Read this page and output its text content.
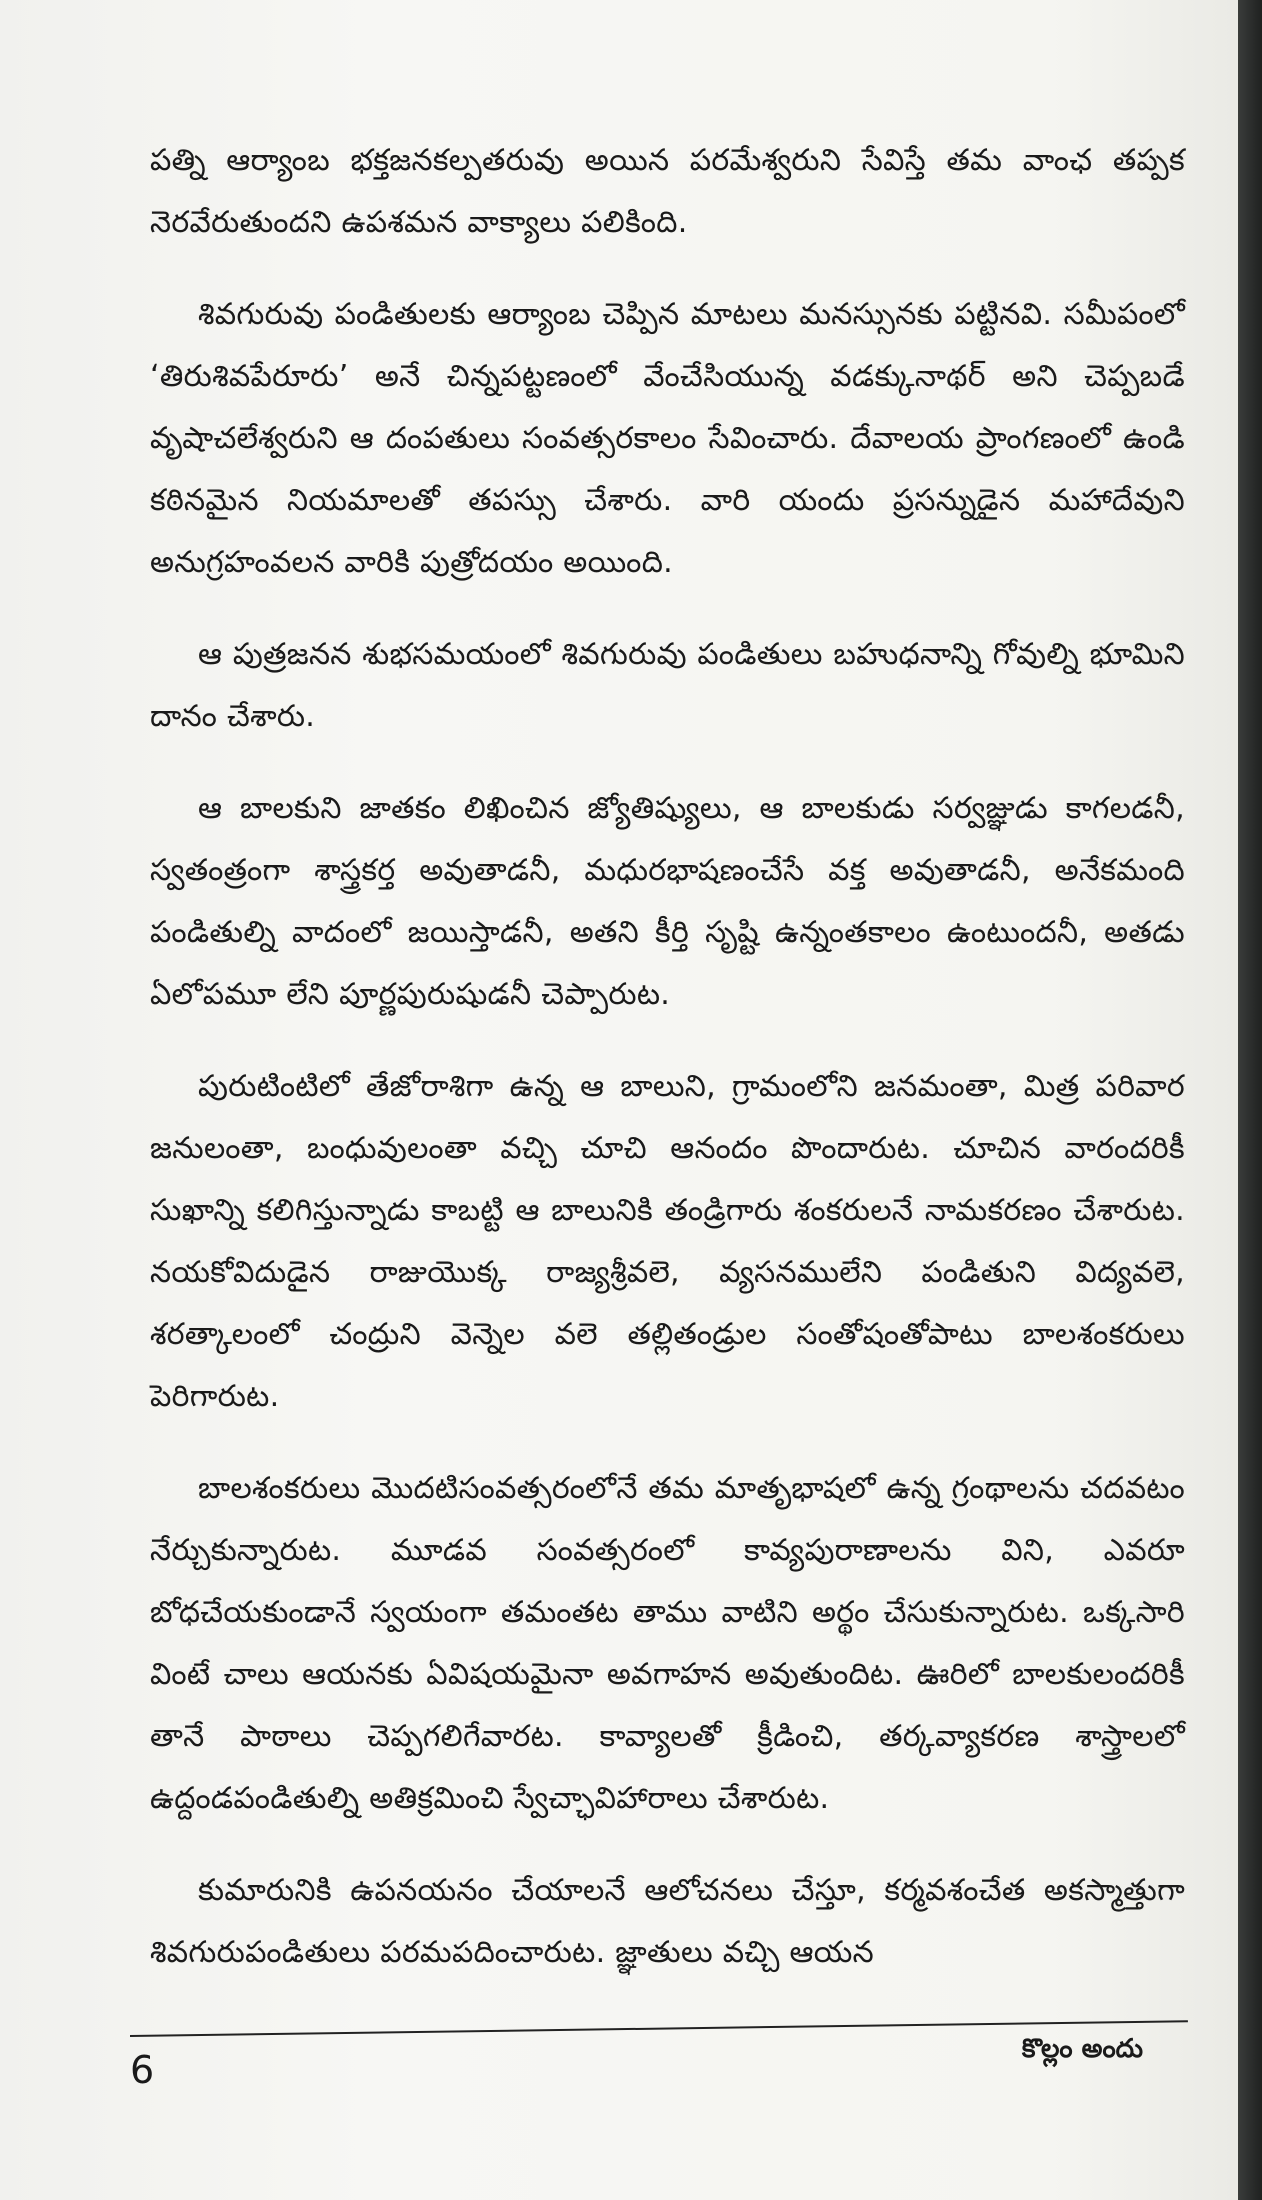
పత్ని ఆర్యాంబ భక్తజనకల్పతరువు అయిన పరమేశ్వరుని సేవిస్తే తమ వాంఛ తప్పక నెరవేరుతుందని ఉపశమన వాక్యాలు పలికింది.

శివగురువు పండితులకు ఆర్యాంబ చెప్పిన మాటలు మనస్సునకు పట్టినవి. సమీపంలో ‘తిరుశివపేరూరు’ అనే చిన్నపట్టణంలో వేంచేసియున్న వడక్కునాథర్ అని చెప్పబడే వృషాచలేశ్వరుని ఆ దంపతులు సంవత్సరకాలం సేవించారు. దేవాలయ ప్రాంగణంలో ఉండి కఠినమైన నియమాలతో తపస్సు చేశారు. వారి యందు ప్రసన్నుడైన మహాదేవుని అనుగ్రహంవలన వారికి పుత్రోదయం అయింది.

ఆ పుత్రజనన శుభసమయంలో శివగురువు పండితులు బహుధనాన్ని గోవుల్ని భూమిని దానం చేశారు.

ఆ బాలకుని జాతకం లిఖించిన జ్యోతిష్యులు, ఆ బాలకుడు సర్వజ్ఞుడు కాగలడనీ, స్వతంత్రంగా శాస్త్రకర్త అవుతాడనీ, మధురభాషణంచేసే వక్త అవుతాడనీ, అనేకమంది పండితుల్ని వాదంలో జయిస్తాడనీ, అతని కీర్తి సృష్టి ఉన్నంతకాలం ఉంటుందనీ, అతడు ఏలోపమూ లేని పూర్ణపురుషుడనీ చెప్పారుట.

పురుటింటిలో తేజోరాశిగా ఉన్న ఆ బాలుని, గ్రామంలోని జనమంతా, మిత్ర పరివార జనులంతా, బంధువులంతా వచ్చి చూచి ఆనందం పొందారుట. చూచిన వారందరికీ సుఖాన్ని కలిగిస్తున్నాడు కాబట్టి ఆ బాలునికి తండ్రిగారు శంకరులనే నామకరణం చేశారుట. నయకోవిదుడైన రాజుయొక్క రాజ్యశ్రీవలె, వ్యసనములేని పండితుని విద్యవలె, శరత్కాలంలో చంద్రుని వెన్నెల వలె తల్లితండ్రుల సంతోషంతోపాటు బాలశంకరులు పెరిగారుట.

బాలశంకరులు మొదటిసంవత్సరంలోనే తమ మాతృభాషలో ఉన్న గ్రంథాలను చదవటం నేర్చుకున్నారుట. మూడవ సంవత్సరంలో కావ్యపురాణాలను విని, ఎవరూ బోధచేయకుండానే స్వయంగా తమంతట తాము వాటిని అర్థం చేసుకున్నారుట. ఒక్కసారి వింటే చాలు ఆయనకు ఏవిషయమైనా అవగాహన అవుతుందిట. ఊరిలో బాలకులందరికీ తానే పాఠాలు చెప్పగలిగేవారట. కావ్యాలతో క్రీడించి, తర్కవ్యాకరణ శాస్త్రాలలో ఉద్దండపండితుల్ని అతిక్రమించి స్వేచ్ఛావిహారాలు చేశారుట.

కుమారునికి ఉపనయనం చేయాలనే ఆలోచనలు చేస్తూ, కర్మవశంచేత అకస్మాత్తుగా శివగురుపండితులు పరమపదించారుట. జ్ఞాతులు వచ్చి ఆయన

6	కొల్లం అందు
